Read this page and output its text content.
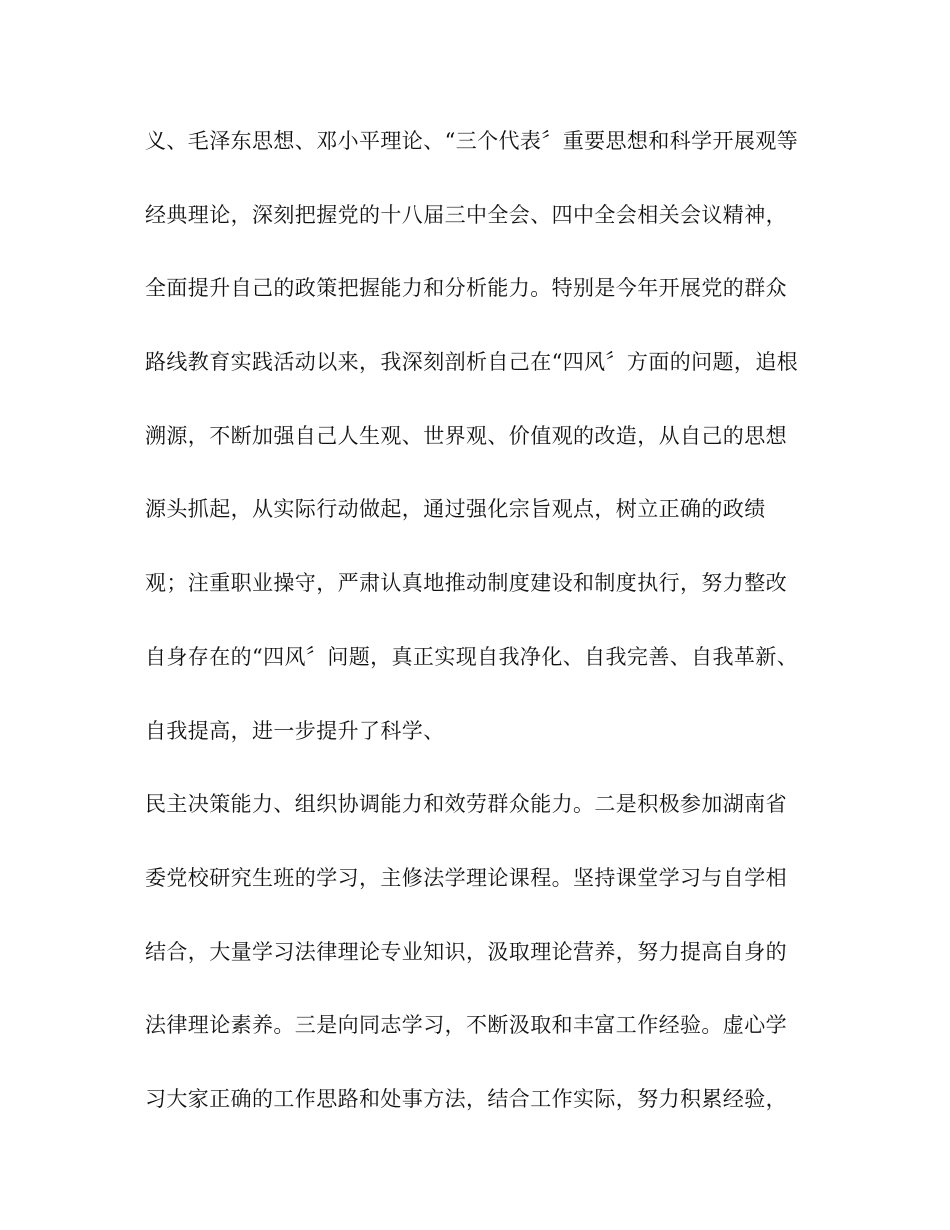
义、毛泽东思想、邓小平理论、“三个代表〞重要思想和科学开展观等
经典理论，深刻把握党的十八届三中全会、四中全会相关会议精神，
全面提升自己的政策把握能力和分析能力。特别是今年开展党的群众
路线教育实践活动以来，我深刻剖析自己在“四风〞方面的问题，追根
溯源，不断加强自己人生观、世界观、价值观的改造，从自己的思想
源头抓起，从实际行动做起，通过强化宗旨观点，树立正确的政绩
观；注重职业操守，严肃认真地推动制度建设和制度执行，努力整改
自身存在的“四风〞问题，真正实现自我净化、自我完善、自我革新、
自我提高，进一步提升了科学、
民主决策能力、组织协调能力和效劳群众能力。二是积极参加湖南省
委党校研究生班的学习，主修法学理论课程。坚持课堂学习与自学相
结合，大量学习法律理论专业知识，汲取理论营养，努力提高自身的
法律理论素养。三是向同志学习，不断汲取和丰富工作经验。虚心学
习大家正确的工作思路和处事方法，结合工作实际，努力积累经验，
